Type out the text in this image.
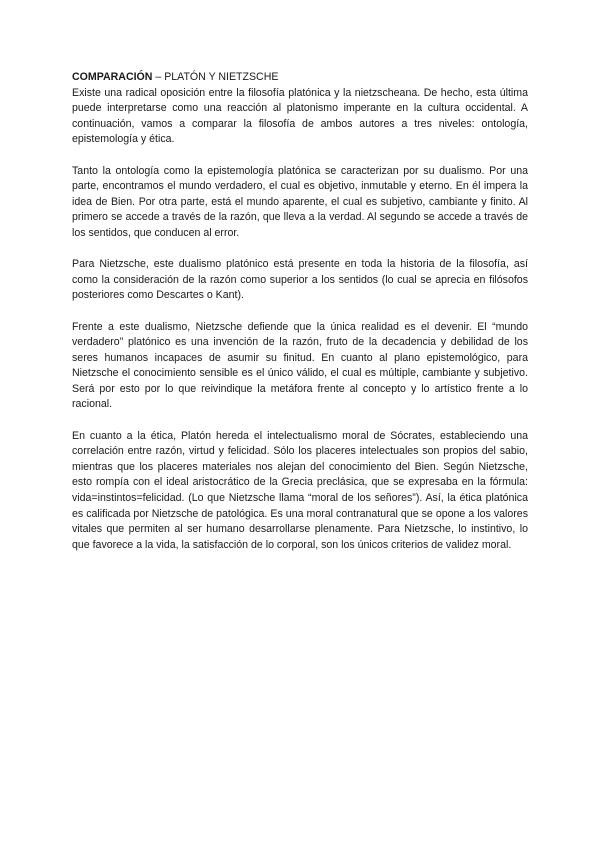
COMPARACIÓN – PLATÓN Y NIETZSCHE

Existe una radical oposición entre la filosofía platónica y la nietzscheana. De hecho, esta última puede interpretarse como una reacción al platonismo imperante en la cultura occidental. A continuación, vamos a comparar la filosofía de ambos autores a tres niveles: ontología, epistemología y ética.

Tanto la ontología como la epistemología platónica se caracterizan por su dualismo. Por una parte, encontramos el mundo verdadero, el cual es objetivo, inmutable y eterno. En él impera la idea de Bien. Por otra parte, está el mundo aparente, el cual es subjetivo, cambiante y finito. Al primero se accede a través de la razón, que lleva a la verdad. Al segundo se accede a través de los sentidos, que conducen al error.

Para Nietzsche, este dualismo platónico está presente en toda la historia de la filosofía, así como la consideración de la razón como superior a los sentidos (lo cual se aprecia en filósofos posteriores como Descartes o Kant).

Frente a este dualismo, Nietzsche defiende que la única realidad es el devenir. El “mundo verdadero” platónico es una invención de la razón, fruto de la decadencia y debilidad de los seres humanos incapaces de asumir su finitud. En cuanto al plano epistemológico, para Nietzsche el conocimiento sensible es el único válido, el cual es múltiple, cambiante y subjetivo. Será por esto por lo que reivindique la metáfora frente al concepto y lo artístico frente a lo racional.

En cuanto a la ética, Platón hereda el intelectualismo moral de Sócrates, estableciendo una correlación entre razón, virtud y felicidad. Sólo los placeres intelectuales son propios del sabio, mientras que los placeres materiales nos alejan del conocimiento del Bien. Según Nietzsche, esto rompía con el ideal aristocrático de la Grecia preclásica, que se expresaba en la fórmula: vida=instintos=felicidad. (Lo que Nietzsche llama “moral de los señores”). Así, la ética platónica es calificada por Nietzsche de patológica. Es una moral contranatural que se opone a los valores vitales que permiten al ser humano desarrollarse plenamente. Para Nietzsche, lo instintivo, lo que favorece a la vida, la satisfacción de lo corporal, son los únicos criterios de validez moral.
